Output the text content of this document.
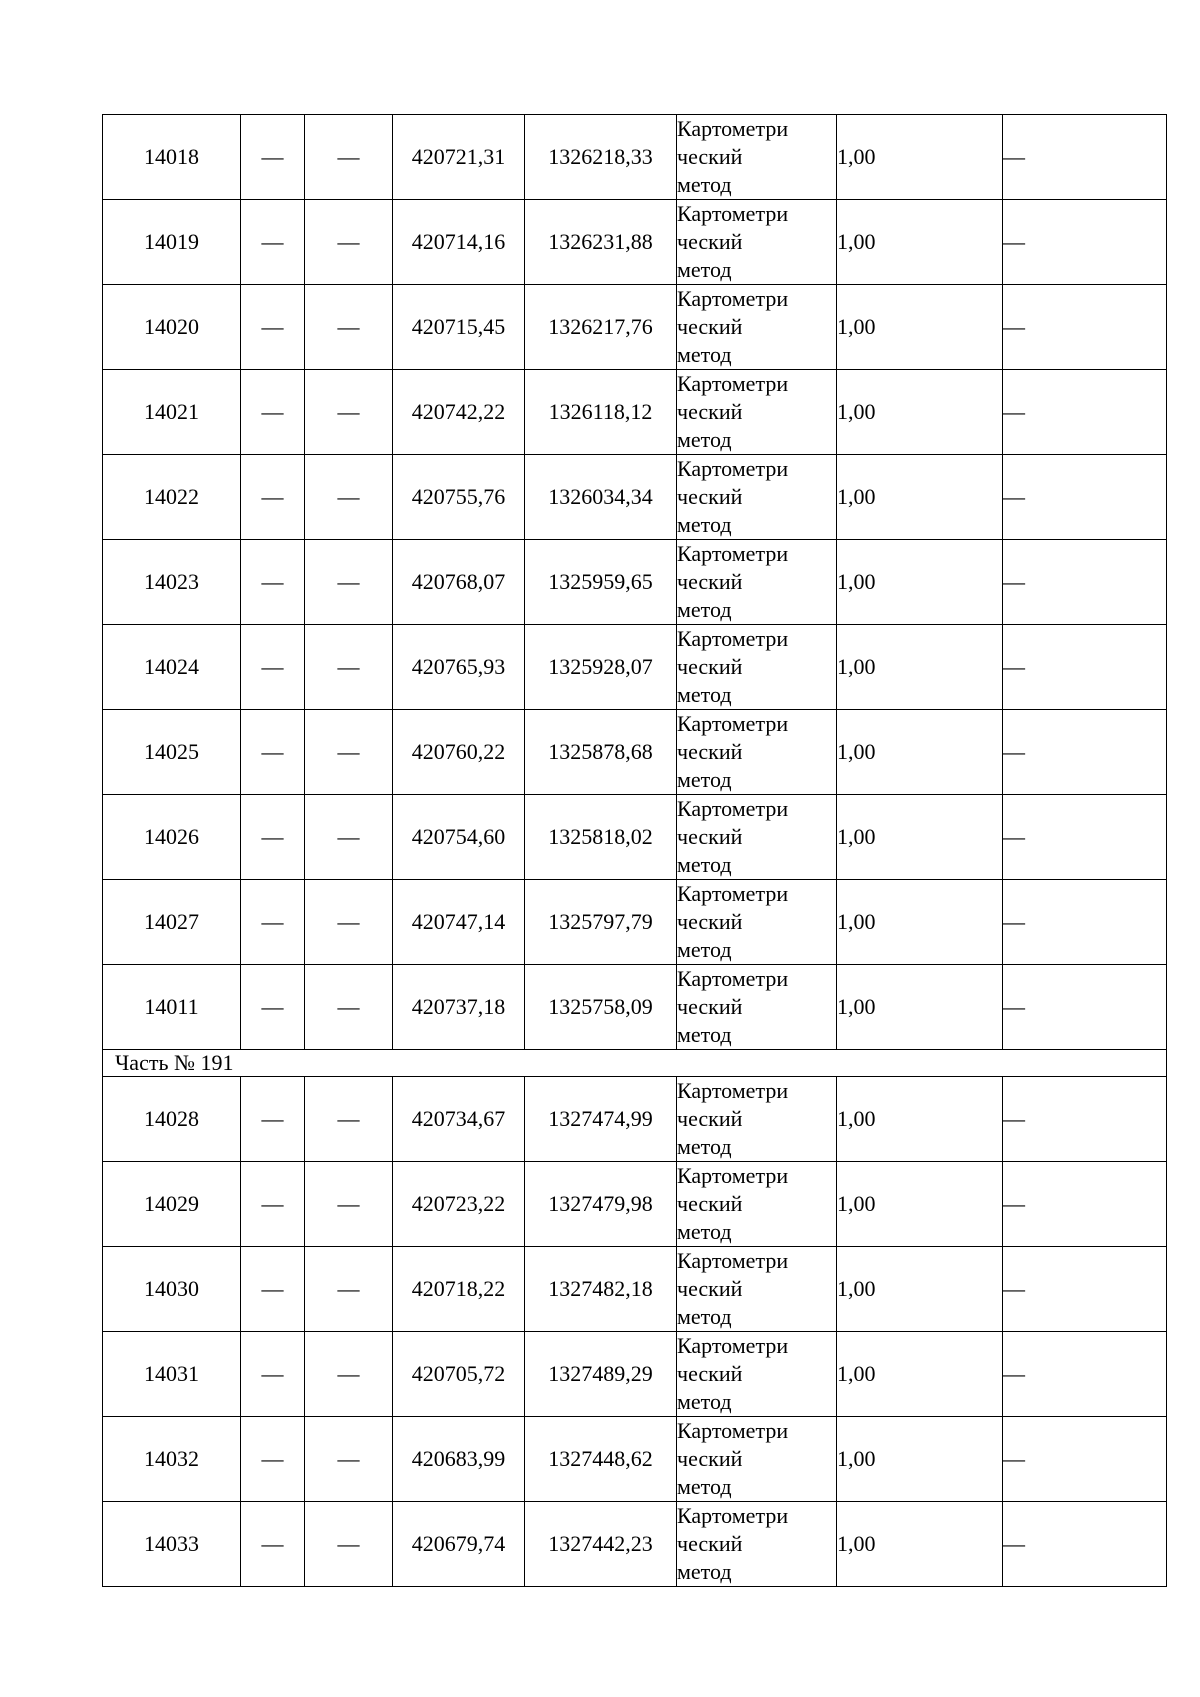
14018	—	—	420721,31	1326218,33	Картометри
ческий
метод	1,00	—
14019	—	—	420714,16	1326231,88	Картометри
ческий
метод	1,00	—
14020	—	—	420715,45	1326217,76	Картометри
ческий
метод	1,00	—
14021	—	—	420742,22	1326118,12	Картометри
ческий
метод	1,00	—
14022	—	—	420755,76	1326034,34	Картометри
ческий
метод	1,00	—
14023	—	—	420768,07	1325959,65	Картометри
ческий
метод	1,00	—
14024	—	—	420765,93	1325928,07	Картометри
ческий
метод	1,00	—
14025	—	—	420760,22	1325878,68	Картометри
ческий
метод	1,00	—
14026	—	—	420754,60	1325818,02	Картометри
ческий
метод	1,00	—
14027	—	—	420747,14	1325797,79	Картометри
ческий
метод	1,00	—
14011	—	—	420737,18	1325758,09	Картометри
ческий
метод	1,00	—
Часть № 191							
14028	—	—	420734,67	1327474,99	Картометри
ческий
метод	1,00	—
14029	—	—	420723,22	1327479,98	Картометри
ческий
метод	1,00	—
14030	—	—	420718,22	1327482,18	Картометри
ческий
метод	1,00	—
14031	—	—	420705,72	1327489,29	Картометри
ческий
метод	1,00	—
14032	—	—	420683,99	1327448,62	Картометри
ческий
метод	1,00	—
14033	—	—	420679,74	1327442,23	Картометри
ческий
метод	1,00	—
